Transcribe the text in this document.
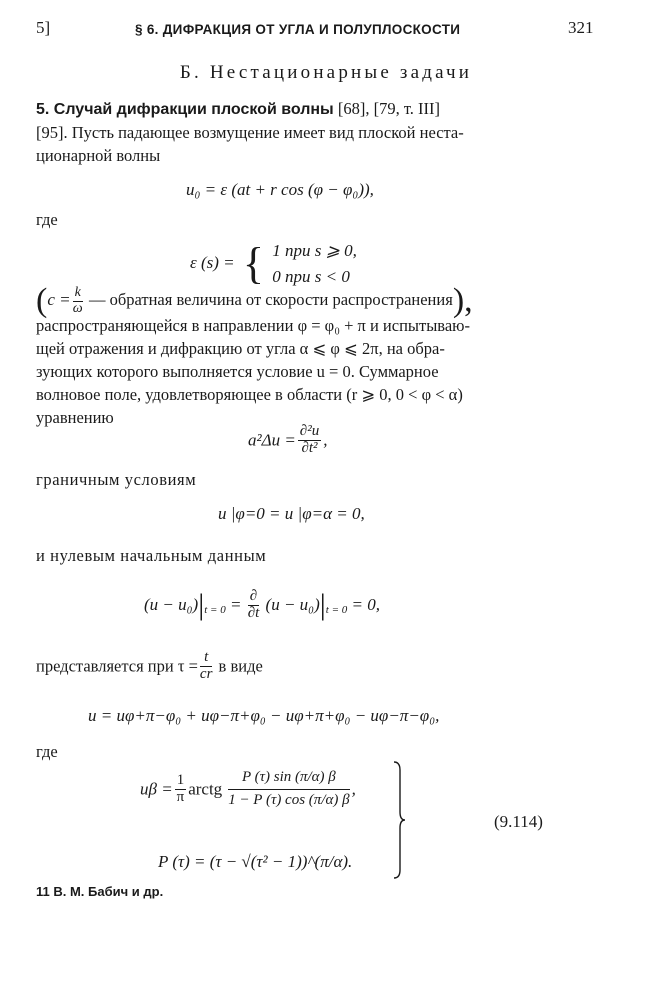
5]	§ 6. ДИФРАКЦИЯ ОТ УГЛА И ПОЛУПЛОСКОСТИ	321
Б. Нестационарные задачи
5. Случай дифракции плоской волны [68], [79, т. III]
[95]. Пусть падающее возмущение имеет вид плоской неста-
ционарной волны
u₀ = ε (at + r cos (φ − φ₀)),
где
ε (s) = { 1 при s ⩾ 0,
0 при s < 0
($c = \frac{k}{\omega}$ — обратная величина от скорости распространения),
распространяющейся в направлении φ = φ₀ + π и испытываю-
щей отражения и дифракцию от угла α ⩽ φ ⩽ 2π, на обра-
зующих которого выполняется условие u = 0. Суммарное
волновое поле, удовлетворяющее в области (r ⩾ 0, 0 < φ < α)
уравнению
$a^2\Delta u = \frac{\text{∂²u}}{\text{∂t²}}$ ,
граничным условиям
u |φ=0 = u |φ=α = 0,
и нулевым начальным данным
$(u - u_0)|_{t = 0} = \frac{\partial}{\partial t} (u - u_0)|_{t = 0} = 0$,
представляется при $\tau = \frac{t}{cr}$ в виде
u = uφ+π−φ₀ + uφ−π+φ₀ − uφ+π+φ₀ − uφ−π−φ₀,
где
$u\beta = \frac{1}{\pi}$ arctg $\frac{P (\tau) \sin (\pi/\alpha) \beta}{1 - P (\tau) \cos (\pi/\alpha) \beta}$ ,
(9.114)
P (τ) = (τ − √(τ² − 1))^(π/α).
11 В. М. Бабич и др.
